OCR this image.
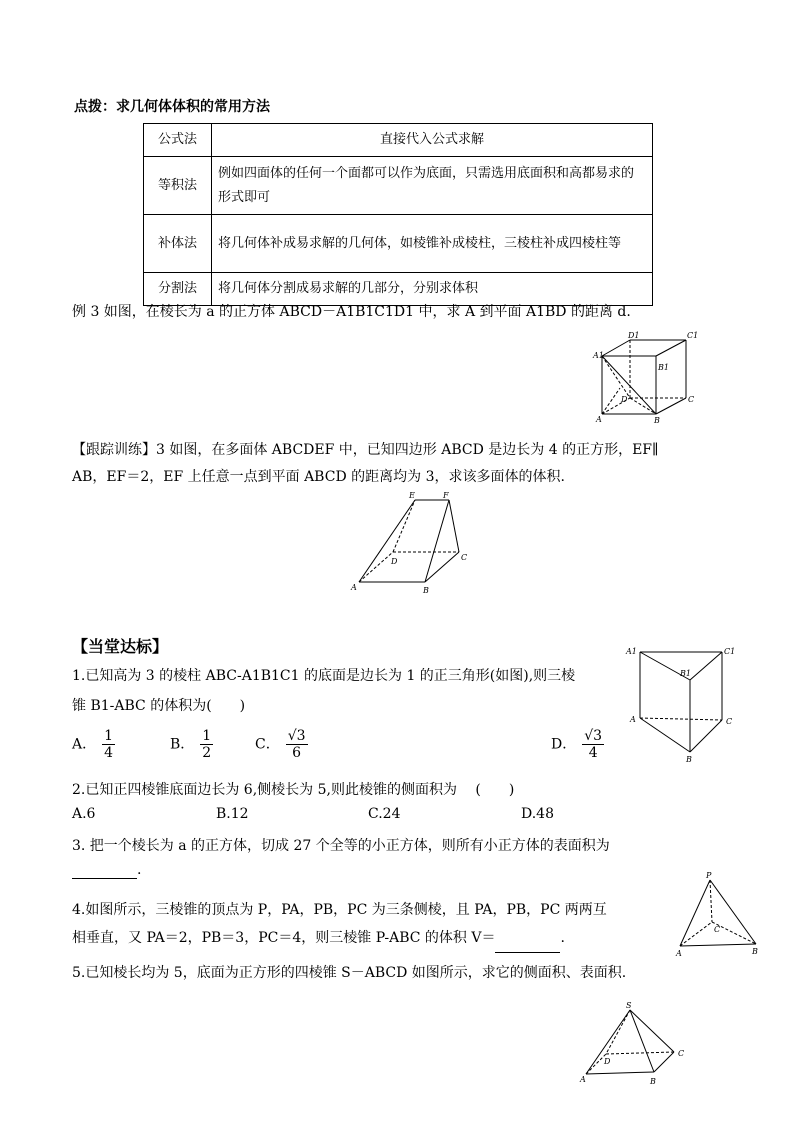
点拨：求几何体体积的常用方法
公式法	直接代入公式求解
等积法	例如四面体的任何一个面都可以作为底面，只需选用底面积和高都易求的形式即可
补体法	将几何体补成易求解的几何体，如棱锥补成棱柱，三棱柱补成四棱柱等
分割法	将几何体分割成易求解的几部分，分别求体积
例 3 如图，在棱长为 a 的正方体 ABCD－A1B1C1D1 中，求 A 到平面 A1BD 的距离 d.
A1
B1
C1
D1
A	B
C
D
【跟踪训练】3 如图，在多面体 ABCDEF 中，已知四边形 ABCD 是边长为 4 的正方形，EF∥
AB，EF＝2，EF 上任意一点到平面 ABCD 的距离均为 3，求该多面体的体积.
A	B
C
D
E	F
【当堂达标】
1.已知高为 3 的棱柱 ABC-A1B1C1 的底面是边长为 1 的正三角形(如图),则三棱
锥 B1-ABC 的体积为(　　)
A． $\frac{1}{4}$	B． $\frac{1}{2}$	C． $\frac{√3}{6}$	D． $\frac{√3}{4}$
A1
B1
C1
A
B
C
2.已知正四棱锥底面边长为 6,侧棱长为 5,则此棱锥的侧面积为　 (　　)
A.6	B.12	C.24	D.48
3. 把一个棱长为 a 的正方体，切成 27 个全等的小正方体，则所有小正方体的表面积为
.
4.如图所示，三棱锥的顶点为 P，PA，PB，PC 为三条侧棱，且 PA，PB，PC 两两互
相垂直，又 PA＝2，PB＝3，PC＝4，则三棱锥 P-ABC 的体积 V＝	.
P
A	B
C
5.已知棱长均为 5，底面为正方形的四棱锥 S－ABCD 如图所示，求它的侧面积、表面积.
S
A	B
C
D
